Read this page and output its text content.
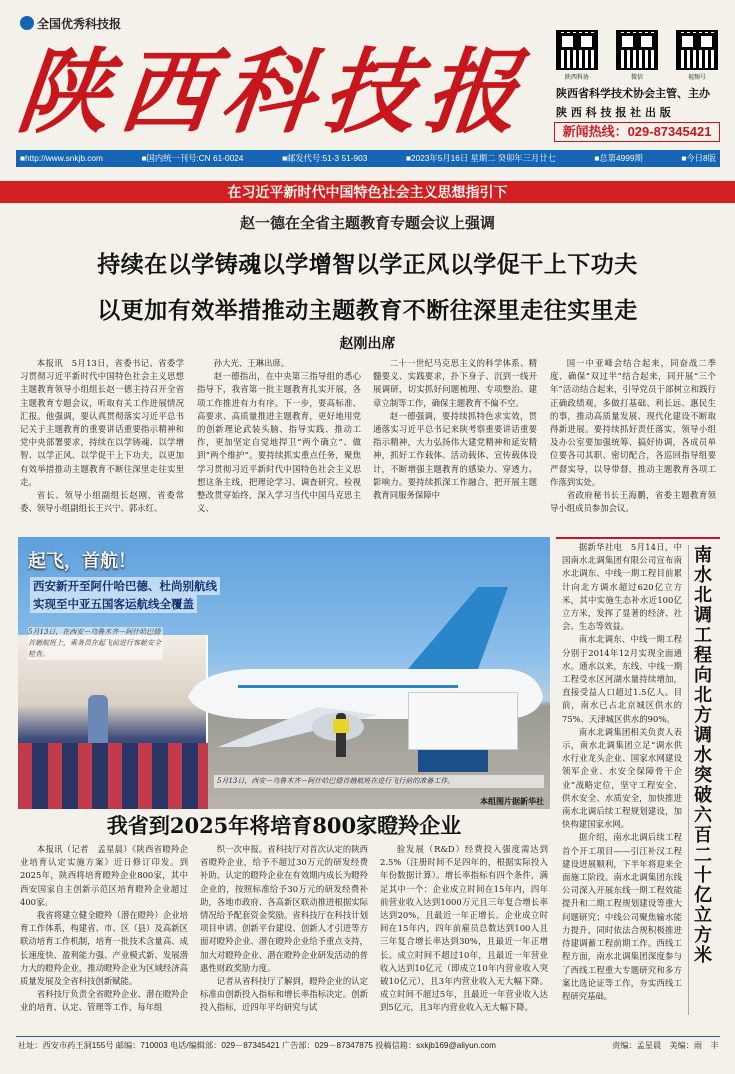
全国优秀科技报
陕
西
科
技
报	陕西科协	微信	视频号
陕西省科学技术协会主管、主办
陕 西 科 技 报 社 出 版
新闻热线：029-87345421
■http://www.snkjb.com	■国内统一刊号:CN 61-0024	■邮发代号:51-3 51-903	■2023年5月16日 星期二 癸卯年三月廿七	■总第4999期	■今日8版
在习近平新时代中国特色社会主义思想指引下
赵一德在全省主题教育专题会议上强调
持续在以学铸魂以学增智以学正风以学促干上下功夫
以更加有效举措推动主题教育不断往深里走往实里走
赵刚出席

本报讯　5月13日，省委书记、省委学习贯彻习近平新时代中国特色社会主义思想主题教育领导小组组长赵一德主持召开全省主题教育专题会议，听取有关工作进展情况汇报。他强调，要认真贯彻落实习近平总书记关于主题教育的重要讲话重要指示精神和党中央部署要求，持续在以学铸魂、以学增智、以学正风、以学促干上下功夫，以更加有效举措推动主题教育不断往深里走往实里走。

省长、领导小组副组长赵刚，省委常委、领导小组副组长王兴宁、郭永红、

孙大光、王琳出席。

赵一德指出，在中央第三指导组的悉心指导下，我省第一批主题教育扎实开展，各项工作推进有力有序。下一步，要高标准、高要求、高质量推进主题教育，更好地用党的创新理论武装头脑、指导实践、推动工作，更加坚定自觉地捍卫“两个确立”、做到“两个维护”。要持续抓实重点任务，聚焦学习贯彻习近平新时代中国特色社会主义思想这条主线，把理论学习、调查研究、检视整改贯穿始终，深入学习当代中国马克思主义、

二十一世纪马克思主义的科学体系、精髓要义、实践要求，扑下身子、沉到一线开展调研，切实抓好问题梳理、专项整治、建章立制等工作，确保主题教育不偏不空。

赵一德强调，要持续抓特色求实效，贯通落实习近平总书记来陕考察重要讲话重要指示精神，大力弘扬伟大建党精神和延安精神，抓好工作载体、活动载体、宣传载体设计，不断增强主题教育的感染力、穿透力、影响力。要持续抓深工作融合，把开展主题教育同服务保障中

国一中亚峰会结合起来，同奋战二季度、确保“双过半”结合起来，同开展“三个年”活动结合起来，引导党员干部树立和践行正确政绩观，多做打基础、利长远、惠民生的事，推动高质量发展、现代化建设不断取得新进展。要持续抓好责任落实，领导小组及办公室要加强统筹、搞好协调，各成员单位要各司其职、密切配合，各巡回指导组要严督实导，以导带督，推动主题教育各项工作落到实处。

省政府秘书长王海鹏，省委主题教育领导小组成员参加会议。

起飞，首航！
西安新开至阿什哈巴德、杜尚别航线
实现至中亚五国客运航线全覆盖
5月13日，在西安－乌鲁木齐－阿什哈巴德首趟航班上，乘务员在起飞前进行客舱安全检查。
5月13日，西安－乌鲁木齐－阿什哈巴德首趟航班在进行飞行前的准备工作。
本组图片据新华社

据新华社电　5月14日，中国南水北调集团有限公司宣布南水北调东、中线一期工程目前累计向北方调水超过620亿立方米，其中实施生态补水近100亿立方米，发挥了显著的经济、社会、生态等效益。

南水北调东、中线一期工程分别于2014年12月实现全面通水。通水以来，东线、中线一期工程受水区河湖水量持续增加，直接受益人口超过1.5亿人。目前，南水已占北京城区供水的75%、天津城区供水的90%。

南水北调集团相关负责人表示，南水北调集团立足“调水供水行业龙头企业、国家水网建设领军企业、水安全保障骨干企业”战略定位，坚守工程安全、供水安全、水质安全，加快推进南水北调后续工程规划建设，加快构建国家水网。

据介绍，南水北调后续工程首个开工项目——引江补汉工程建设进展顺利，下半年将迎来全面施工阶段。南水北调集团东线公司深入开展东线一期工程效能提升和二期工程规划建设等重大问题研究；中线公司聚焦输水能力提升，同时依法合规积极推进待建调蓄工程前期工作。西线工程方面，南水北调集团深度参与了西线工程重大专题研究和多方案比选论证等工作，夯实西线工程研究基础。

南水北调工程向北方调水突破六百二十亿立方米
我省到2025年将培育800家瞪羚企业

本报讯（记者　孟星晨）《陕西省瞪羚企业培育认定实施方案》近日修订印发。到2025年，陕西将培育瞪羚企业800家，其中西安国家自主创新示范区培育瞪羚企业超过400家。

我省将建立健全瞪羚（潜在瞪羚）企业培育工作体系，构建省、市、区（县）及高新区联动培育工作机制，培育一批技术含量高、成长速度快、盈利能力强、产业模式新、发展潜力大的瞪羚企业，推动瞪羚企业为区域经济高质量发展及全省科技创新赋能。

省科技厅负责全省瞪羚企业、潜在瞪羚企业的培育、认定、管理等工作，每年组

织一次申报。省科技厅对首次认定的陕西省瞪羚企业，给予不超过30万元的研发经费补助。认定的瞪羚企业在有效期内成长为瞪羚企业的，按照标准给予30万元的研发经费补助，各地市政府、各高新区联动推进根据实际情况给予配套资金奖励。省科技厅在科技计划项目申请、创新平台建设、创新人才引进等方面对瞪羚企业、潜在瞪羚企业给予重点支持，加大对瞪羚企业、潜在瞪羚企业研发活动的普惠性财政奖励力度。

记者从省科技厅了解到，瞪羚企业的认定标准由创新投入指标和增长率指标决定。创新投入指标，近四年平均研究与试

验发展（R&D）经费投入强度需达到2.5%（注册时间不足四年的，根据实际投入年份数据计算）。增长率指标有四个条件，满足其中一个：企业成立时间在15年内，四年前营业收入达到1000万元且三年复合增长率达到20%，且最近一年正增长。企业成立时间在15年内，四年前雇员总数达到100人且三年复合增长率达到30%，且最近一年正增长。成立时间不超过10年，且最近一年营业收入达到10亿元（即成立10年内营业收入突破10亿元），且3年内营业收入无大幅下降。成立时间不超过5年，且最近一年营业收入达到5亿元，且3年内营业收入无大幅下降。

社址：西安市药王洞155号 邮编：710003 电话/编辑部：029－87345421 广告部：029－87347875 投稿信箱：sxkjb169@aliyun.com	责编：孟星晨　美编：雨　丰
